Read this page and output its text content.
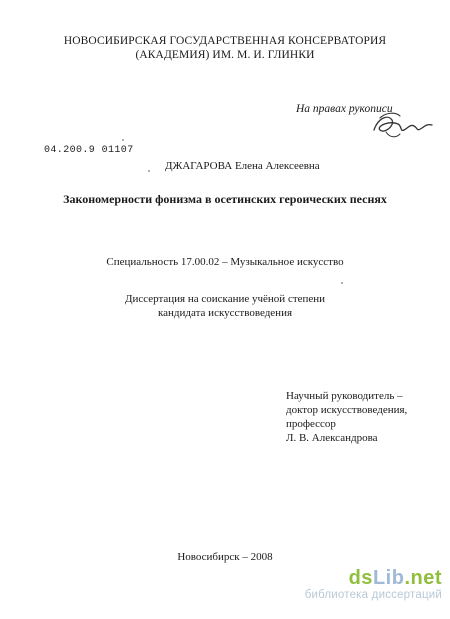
НОВОСИБИРСКАЯ ГОСУДАРСТВЕННАЯ КОНСЕРВАТОРИЯ
(АКАДЕМИЯ) ИМ. М. И. ГЛИНКИ
На правах рукописи
04.200.9 01107
ДЖАГАРОВА Елена Алексеевна
Закономерности фонизма в осетинских героических песнях
Специальность 17.00.02 – Музыкальное искусство
Диссертация на соискание учёной степени
кандидата искусствоведения
Научный руководитель –
доктор искусствоведения,
профессор
Л. В. Александрова
Новосибирск – 2008
dsLib.net
библиотека диссертаций
